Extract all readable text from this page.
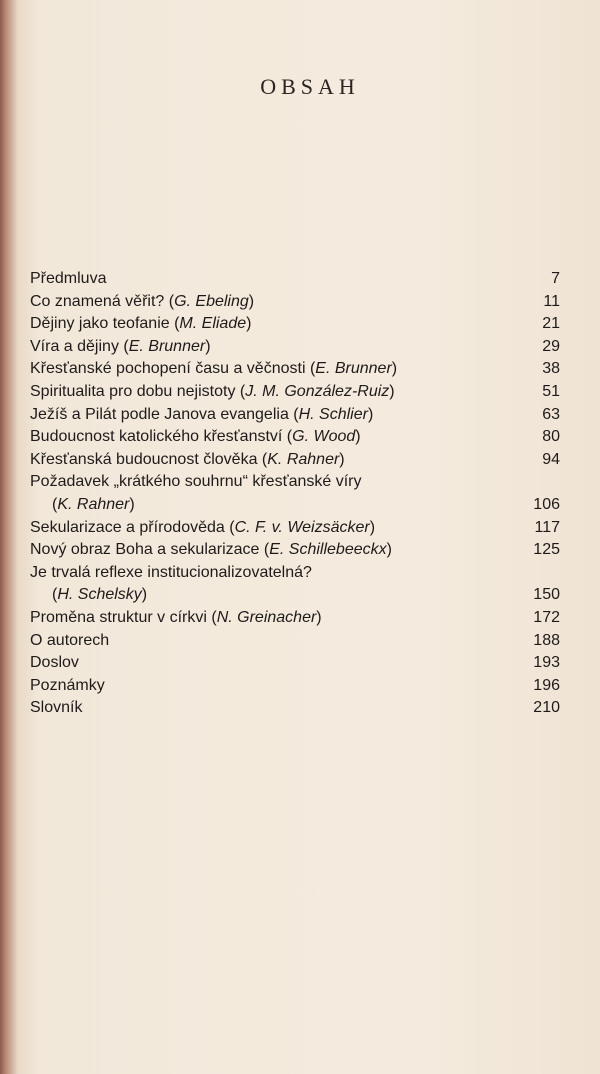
OBSAH
Předmluva	7
Co znamená věřit? (G. Ebeling)	11
Dějiny jako teofanie (M. Eliade)	21
Víra a dějiny (E. Brunner)	29
Křesťanské pochopení času a věčnosti (E. Brunner)	38
Spiritualita pro dobu nejistoty (J. M. González-Ruiz)	51
Ježíš a Pilát podle Janova evangelia (H. Schlier)	63
Budoucnost katolického křesťanství (G. Wood)	80
Křesťanská budoucnost člověka (K. Rahner)	94
Požadavek „krátkého souhrnu“ křesťanské víry
(K. Rahner)	106
Sekularizace a přírodověda (C. F. v. Weizsäcker)	117
Nový obraz Boha a sekularizace (E. Schillebeeckx)	125
Je trvalá reflexe institucionalizovatelná?
(H. Schelsky)	150
Proměna struktur v církvi (N. Greinacher)	172
O autorech	188
Doslov	193
Poznámky	196
Slovník	210
